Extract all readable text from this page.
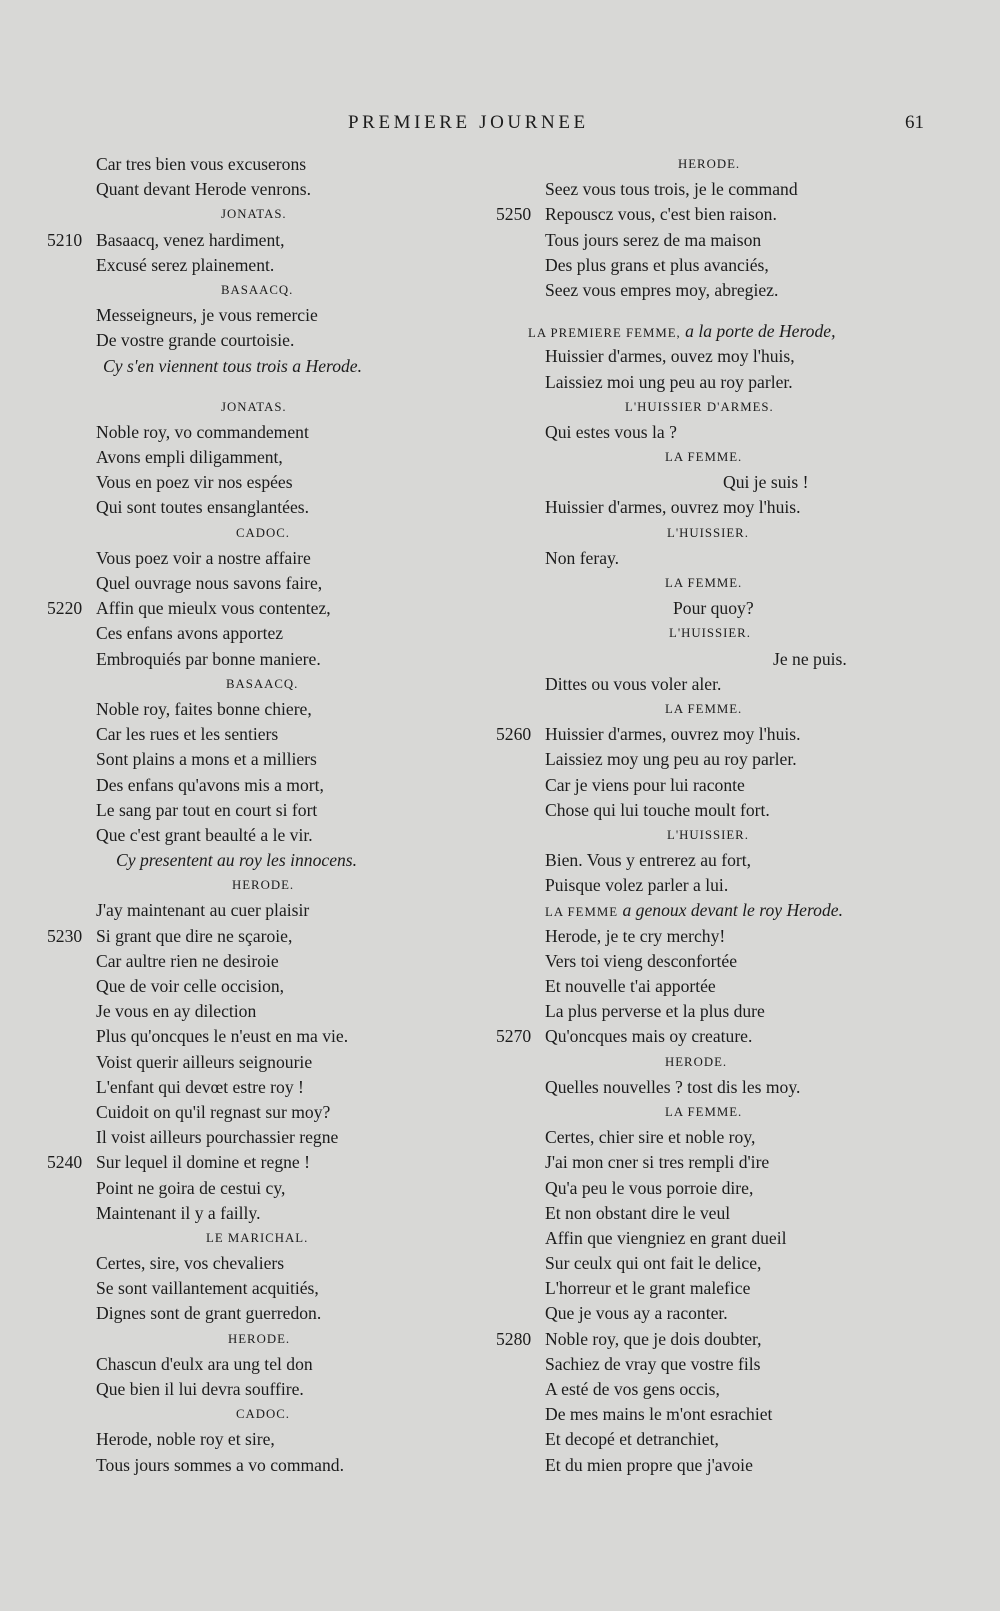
PREMIERE JOURNEE	61
Car tres bien vous excuserons
Quant devant Herode venrons.
JONATAS.
5210 Basaacq, venez hardiment,
Excusé serez plainement.
BASAACQ.
Messeigneurs, je vous remercie
De vostre grande courtoisie.
Cy s'en viennent tous trois a Herode.
JONATAS.
Noble roy, vo commandement
Avons empli diligamment,
Vous en poez vir nos espées
Qui sont toutes ensanglantées.
CADOC.
Vous poez voir a nostre affaire
Quel ouvrage nous savons faire,
5220 Affin que mieulx vous contentez,
Ces enfans avons apportez
Embroquiés par bonne maniere.
BASAACQ.
Noble roy, faites bonne chiere,
Car les rues et les sentiers
Sont plains a mons et a milliers
Des enfans qu'avons mis a mort,
Le sang par tout en court si fort
Que c'est grant beaulté a le vir.
Cy presentent au roy les innocens.
HERODE.
J'ay maintenant au cuer plaisir
5230 Si grant que dire ne sçaroie,
Car aultre rien ne desiroie
Que de voir celle occision,
Je vous en ay dilection
Plus qu'oncques le n'eust en ma vie.
Voist querir ailleurs seignourie
L'enfant qui devœt estre roy !
Cuidoit on qu'il regnast sur moy?
Il voist ailleurs pourchassier regne
5240 Sur lequel il domine et regne !
Point ne goira de cestui cy,
Maintenant il y a failly.
LE MARICHAL.
Certes, sire, vos chevaliers
Se sont vaillantement acquitiés,
Dignes sont de grant guerredon.
HERODE.
Chascun d'eulx ara ung tel don
Que bien il lui devra souffire.
CADOC.
Herode, noble roy et sire,
Tous jours sommes a vo command.
HERODE.
Seez vous tous trois, je le command
5250 Repouscz vous, c'est bien raison.
Tous jours serez de ma maison
Des plus grans et plus avanciés,
Seez vous empres moy, abregiez.
LA PREMIERE FEMME, a la porte de Herode,
Huissier d'armes, ouvez moy l'huis,
Laissiez moi ung peu au roy parler.
L'HUISSIER D'ARMES.
Qui estes vous la ?
LA FEMME.
Qui je suis !
Huissier d'armes, ouvrez moy l'huis.
L'HUISSIER.
Non feray.
LA FEMME.
Pour quoy?
L'HUISSIER.
Je ne puis.
Dittes ou vous voler aler.
LA FEMME.
5260 Huissier d'armes, ouvrez moy l'huis.
Laissiez moy ung peu au roy parler.
Car je viens pour lui raconte
Chose qui lui touche moult fort.
L'HUISSIER.
Bien. Vous y entrerez au fort,
Puisque volez parler a lui.
LA FEMME a genoux devant le roy Herode.
Herode, je te cry merchy!
Vers toi vieng desconfortée
Et nouvelle t'ai apportée
La plus perverse et la plus dure
5270 Qu'oncques mais oy creature.
HERODE.
Quelles nouvelles ? tost dis les moy.
LA FEMME.
Certes, chier sire et noble roy,
J'ai mon cner si tres rempli d'ire
Qu'a peu le vous porroie dire,
Et non obstant dire le veul
Affin que viengniez en grant dueil
Sur ceulx qui ont fait le delice,
L'horreur et le grant malefice
Que je vous ay a raconter.
5280 Noble roy, que je dois doubter,
Sachiez de vray que vostre fils
A esté de vos gens occis,
De mes mains le m'ont esrachiet
Et decopé et detranchiet,
Et du mien propre que j'avoie
